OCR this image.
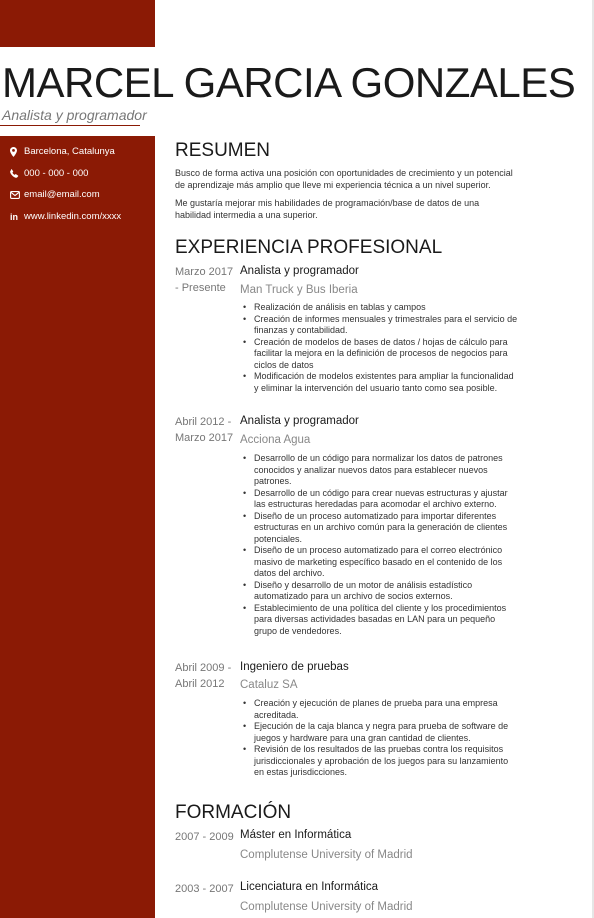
MARCEL GARCIA GONZALES
Analista y programador
Barcelona, Catalunya
000 - 000 - 000
email@email.com
in www.linkedin.com/xxxx
RESUMEN

Busco de forma activa una posición con oportunidades de crecimiento y un potencial de aprendizaje más amplio que lleve mi experiencia técnica a un nivel superior.

Me gustaría mejorar mis habilidades de programación/base de datos de una habilidad intermedia a una superior.

EXPERIENCIA PROFESIONAL
Marzo 2017
- Presente
Analista y programador
Man Truck y Bus Iberia
• Realización de análisis en tablas y campos
• Creación de informes mensuales y trimestrales para el servicio de finanzas y contabilidad.
• Creación de modelos de bases de datos / hojas de cálculo para facilitar la mejora en la definición de procesos de negocios para ciclos de datos
• Modificación de modelos existentes para ampliar la funcionalidad y eliminar la intervención del usuario tanto como sea posible.
Abril 2012 -
Marzo 2017
Analista y programador
Acciona Agua
• Desarrollo de un código para normalizar los datos de patrones conocidos y analizar nuevos datos para establecer nuevos patrones.
• Desarrollo de un código para crear nuevas estructuras y ajustar las estructuras heredadas para acomodar el archivo externo.
• Diseño de un proceso automatizado para importar diferentes estructuras en un archivo común para la generación de clientes potenciales.
• Diseño de un proceso automatizado para el correo electrónico masivo de marketing específico basado en el contenido de los datos del archivo.
• Diseño y desarrollo de un motor de análisis estadístico automatizado para un archivo de socios externos.
• Establecimiento de una política del cliente y los procedimientos para diversas actividades basadas en LAN para un pequeño grupo de vendedores.
Abril 2009 -
Abril 2012
Ingeniero de pruebas
Cataluz SA
• Creación y ejecución de planes de prueba para una empresa acreditada.
• Ejecución de la caja blanca y negra para prueba de software de juegos y hardware para una gran cantidad de clientes.
• Revisión de los resultados de las pruebas contra los requisitos jurisdiccionales y aprobación de los juegos para su lanzamiento en estas jurisdicciones.
FORMACIÓN
2007 - 2009 Máster en Informática
Complutense University of Madrid
2003 - 2007 Licenciatura en Informática
Complutense University of Madrid
